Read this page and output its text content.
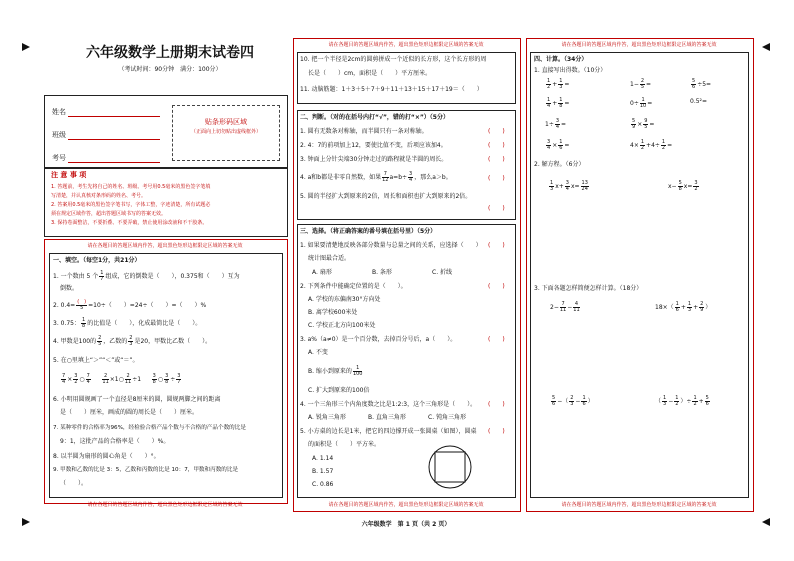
六年级数学上册期末试卷四
（考试时间：90分钟　满分：100分）
姓名
班级
考号
贴条形码区域
（正面向上切勿贴出虚线框外）
注 意 事 项
1. 答题前，考生先将自己的姓名、班级、考号用0.5毫米的黑色签字笔填
写清楚，并认真核对条形码的姓名、考号。
2. 答案用0.5毫米的黑色签字笔书写，字体工整，字迹清楚，所有试题必
须在规定区域作答，超出答题区域书写的答案无效。
3. 保持卷面整洁，不要折叠、不要弄破，禁止使用涂改液和不干胶条。
请在各题目的答题区域内作答，超出黑色矩形边框限定区域的答案无效
一、填空。（每空1分，共21分）
1. 一个数由 5 个 $\frac{1}{7}$ 组成，它的倒数是（　　），0.375和（　　）互为
倒数。
2. $0.4= \frac{( )}{5} =10\div$（　　）=24÷（　　）=（　　）%
3. 0.75： $\frac{1}{8}$ 的比值是（　　），化成最简比是（　　）。
4. 甲数是100的 $\frac{2}{5}$ ，乙数的 $\frac{2}{3}$ 是20，甲数比乙数（　　）。
5. 在○里填上“＞”“＜”或“＝”。
$\frac{7}{4} \times \frac{3}{2}$ ○ $\frac{7}{4}$
$\frac{2}{11}$ ×1○ $\frac{2}{11} \div 1 \frac{3}{8}$ ○ $\frac{3}{8} \div \frac{3}{7}$
6. 小明用圆规画了一个直径是8厘米的圆，圆规两脚之间的距离
是（　　）厘米，画成的圆的周长是（　　）厘米。
7. 某种零件的合格率为96%，经检验合格产品个数与不合格的产品个数的比是
9：1，这批产品的合格率是（　　）%。
8. 以半圆为扇形的圆心角是（　　）°。
9. 甲数和乙数的比是 3：5，乙数和丙数的比是 10：7，甲数和丙数的比是
（　　）。
请在各题目的答题区域内作答，超出黑色矩形边框限定区域的答案无效
请在各题目的答题区域内作答，超出黑色矩形边框限定区域的答案无效
10. 把一个半径是2cm的圆剪拼成一个近似的长方形，这个长方形的周
长是（　　）cm，面积是（　　）平方厘米。
11. 动脑筋题：1＋3＋5＋7＋9＋11＋13＋15＋17＋19＝（　　）
二、判断。（对的在括号内打“√”，错的打“×”）（5分）
1. 圆有无数条对称轴，而半圆只有一条对称轴。
2. 4：7的前项加上12，要使比值不变，后项应该加4。
3. 钟面上分针尖端30分钟走过的路程就是半圆的周长。
4. a和b都是非零自然数，如果 $\frac{7}{12} a=b\div \frac{3}{4}$ ，那么a＞b。
5. 圆的半径扩大到原来的2倍，周长和面积也扩大到原来的2倍。
(　　)
(　　)
(　　)
(　　)
(　　)
三、选择。（将正确答案的番号填在括号里）（5分）
1. 如果要清楚地反映各部分数量与总量之间的关系，应选择（　　）
统计图最合适。
A. 扇形	B. 条形	C. 折线
2. 下列条件中能确定位置的是（　　）。
A. 学校的东偏南30°方向处
B. 离学校600米处
C. 学校正北方向100米处
3. a%（a≠0）是一个百分数，去掉百分号后，a（　　）。
A. 不变
B. 缩小到原来的 $\frac{1}{100}$
C. 扩大到原来的100倍
4. 一个三角形三个内角度数之比是1:2:3，这个三角形是（　　）。
A. 锐角三角形	B. 直角三角形	C. 钝角三角形
5. 小方桌的边长是1米，把它的四边撑开成一张圆桌（如图），圆桌
的面积是（　　）平方米。
A. 1.14
B. 1.57
C. 0.86
(　　)
(　　)
(　　)
(　　)
(　　)
请在各题目的答题区域内作答，超出黑色矩形边框限定区域的答案无效
请在各题目的答题区域内作答，超出黑色矩形边框限定区域的答案无效
四、计算。（34分）
1. 直接写出得数。（10分）
$\frac{1}{2} + \frac{1}{3}$ =	$1- \frac{2}{5}$ =	$\frac{5}{6} \div 5=$
$\frac{1}{4} + \frac{1}{8}$ =	$0\div \frac{1}{10}$ =	0.5²=
$1\div \frac{3}{4}$ =	$\frac{5}{9} \times \frac{9}{5}$ =
$\frac{3}{4} \times \frac{1}{6}$ =	$4\times \frac{1}{2} +4\div \frac{1}{2}$ =
2. 解方程。（6分）
$\frac{1}{3} x+ \frac{3}{4} x= \frac{13}{24}$	$x- \frac{5}{8} x= \frac{3}{2}$
3. 下面各题怎样简便怎样计算。（18分）
$2- \frac{7}{11} - \frac{4}{11}$	$18\times( \frac{1}{6} + \frac{1}{3} + \frac{2}{9}$ ）
$\frac{5}{6}$ −（ $\frac{2}{3} - \frac{1}{6}$ ）	（ $\frac{1}{3} - \frac{1}{2}$ ）÷ $\frac{1}{2} + \frac{5}{6}$
请在各题目的答题区域内作答，超出黑色矩形边框限定区域的答案无效
六年级数学　第 1 页（共 2 页）
